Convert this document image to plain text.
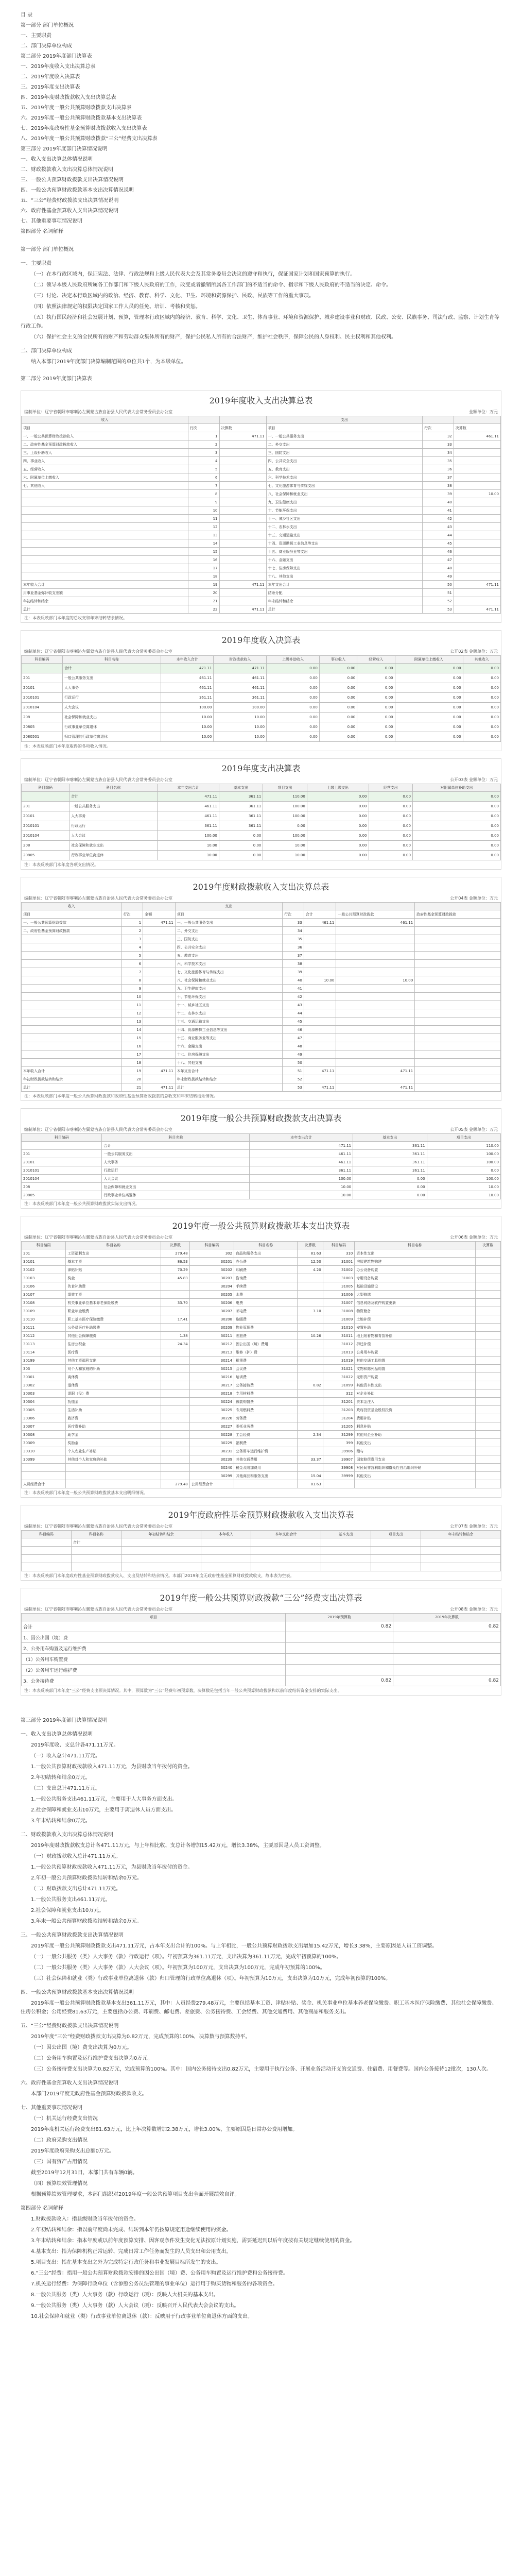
目 录
第一部分 部门单位概况
一、主要职责
二、部门决算单位构成
第二部分 2019年度部门决算表
一、2019年度收入支出决算总表
二、2019年度收入决算表
三、2019年度支出决算表
四、2019年度财政拨款收入支出决算总表
五、2019年度一般公共预算财政拨款支出决算表
六、2019年度一般公共预算财政拨款基本支出决算表
七、2019年度政府性基金预算财政拨款收入支出决算表
八、2019年度一般公共预算财政拨款“三公”经费支出决算表
第三部分 2019年度部门决算情况说明
一、收入支出决算总体情况说明
二、财政拨款收入支出决算总体情况说明
三、一般公共预算财政拨款支出决算情况说明
四、一般公共预算财政拨款基本支出决算情况说明
五、“三公”经费财政拨款支出决算情况说明
六、政府性基金预算收入支出决算情况说明
七、其他重要事项情况说明
第四部分 名词解释
第一部分 部门单位概况
一、主要职责

（一）在本行政区域内，保证宪法、法律、行政法规和上级人民代表大会及其常务委员会决议的遵守和执行，保证国家计划和国家预算的执行。

（二）领导本级人民政府所属各工作部门和下级人民政府的工作，改变或者撤销所属各工作部门的不适当的命令、指示和下级人民政府的不适当的决定、命令。

（三）讨论、决定本行政区域内的政治、经济、教育、科学、文化、卫生、环境和资源保护、民政、民族等工作的重大事项。

（四）依照法律规定的权限决定国家工作人员的任免、培训、考核和奖惩。

（五）执行国民经济和社会发展计划、预算，管理本行政区域内的经济、教育、科学、文化、卫生、体育事业、环境和资源保护、城乡建设事业和财政、民政、公安、民族事务、司法行政、监察、计划生育等行政工作。

（六）保护社会主义的全民所有的财产和劳动群众集体所有的财产，保护公民私人所有的合法财产，维护社会秩序，保障公民的人身权利、民主权利和其他权利。

二、部门决算单位构成

纳入本部门2019年度部门决算编制范围的单位共1个，为本级单位。

第二部分 2019年度部门决算表
2019年度收入支出决算总表
编制单位：辽宁省朝阳市喀喇沁左翼蒙古族自治县人民代表大会常务委员会办公室	金额单位：万元
收入			支出		
项目	行次	决算数	项目	行次	决算数
一、一般公共预算财政拨款收入	1	471.11	一、一般公共服务支出	32	461.11
二、政府性基金预算财政拨款收入	2		二、外交支出	33	
三、上级补助收入	3		三、国防支出	34	
四、事业收入	4		四、公共安全支出	35	
五、经营收入	5		五、教育支出	36	
六、附属单位上缴收入	6		六、科学技术支出	37	
七、其他收入	7		七、文化旅游体育与传媒支出	38	
	8		八、社会保障和就业支出	39	10.00
	9		九、卫生健康支出	40	
	10		十、节能环保支出	41	
	11		十一、城乡社区支出	42	
	12		十二、农林水支出	43	
	13		十三、交通运输支出	44	
	14		十四、资源勘探工业信息等支出	45	
	15		十五、商业服务业等支出	46	
	16		十六、金融支出	47	
	17		十七、住房保障支出	48	
	18		十八、其他支出	49	
本年收入合计	19	471.11	本年支出合计	50	471.11
用事业基金弥补收支差额	20		结余分配	51	
年初结转和结余	21		年末结转和结余	52	
总计	22	471.11	总计	53	471.11
注：本表反映部门本年度的总收支和年末结转结余情况。
2019年度收入决算表
编制单位：辽宁省朝阳市喀喇沁左翼蒙古族自治县人民代表大会常务委员会办公室	公开02表 金额单位：万元
科目编码	科目名称	本年收入合计	财政拨款收入	上级补助收入	事业收入	经营收入	附属单位上缴收入	其他收入
	合计	471.11	471.11	0.00	0.00	0.00	0.00	0.00
201	一般公共服务支出	461.11	461.11	0.00	0.00	0.00	0.00	0.00
20101	人大事务	461.11	461.11	0.00	0.00	0.00	0.00	0.00
2010101	行政运行	361.11	361.11	0.00	0.00	0.00	0.00	0.00
2010104	人大会议	100.00	100.00	0.00	0.00	0.00	0.00	0.00
208	社会保障和就业支出	10.00	10.00	0.00	0.00	0.00	0.00	0.00
20805	行政事业单位离退休	10.00	10.00	0.00	0.00	0.00	0.00	0.00
2080501	归口管理的行政单位离退休	10.00	10.00	0.00	0.00	0.00	0.00	0.00
注：本表反映部门本年度取得的各项收入情况。
2019年度支出决算表
编制单位：辽宁省朝阳市喀喇沁左翼蒙古族自治县人民代表大会常务委员会办公室	公开03表 金额单位：万元
科目编码	科目名称	本年支出合计	基本支出	项目支出	上缴上级支出	经营支出	对附属单位补助支出
	合计	471.11	361.11	110.00	0.00	0.00	0.00
201	一般公共服务支出	461.11	361.11	100.00	0.00	0.00	0.00
20101	人大事务	461.11	361.11	100.00	0.00	0.00	0.00
2010101	行政运行	361.11	361.11	0.00	0.00	0.00	0.00
2010104	人大会议	100.00	0.00	100.00	0.00	0.00	0.00
208	社会保障和就业支出	10.00	0.00	10.00	0.00	0.00	0.00
20805	行政事业单位离退休	10.00	0.00	10.00	0.00	0.00	0.00
注：本表反映部门本年度各项支出情况。
2019年度财政拨款收入支出决算总表
编制单位：辽宁省朝阳市喀喇沁左翼蒙古族自治县人民代表大会常务委员会办公室	公开04表 金额单位：万元
收入			支出				
项目	行次	金额	项目	行次	合计	一般公共预算财政拨款	政府性基金预算财政拨款
一、一般公共预算财政拨款	1	471.11	一、一般公共服务支出	33	461.11	461.11	
二、政府性基金预算财政拨款	2		二、外交支出	34			
	3		三、国防支出	35			
	4		四、公共安全支出	36			
	5		五、教育支出	37			
	6		六、科学技术支出	38			
	7		七、文化旅游体育与传媒支出	39			
	8		八、社会保障和就业支出	40	10.00	10.00	
	9		九、卫生健康支出	41			
	10		十、节能环保支出	42			
	11		十一、城乡社区支出	43			
	12		十二、农林水支出	44			
	13		十三、交通运输支出	45			
	14		十四、资源勘探工业信息等支出	46			
	15		十五、商业服务业等支出	47			
	16		十六、金融支出	48			
	17		十七、住房保障支出	49			
	18		十八、其他支出	50			
本年收入合计	19	471.11	本年支出合计	51	471.11	471.11	
年初财政拨款结转和结余	20		年末财政拨款结转和结余	52			
总计	21	471.11	总计	53	471.11	471.11	
注：本表反映部门本年度一般公共预算财政拨款和政府性基金预算财政拨款的总收支和年末结转结余情况。
2019年度一般公共预算财政拨款支出决算表
编制单位：辽宁省朝阳市喀喇沁左翼蒙古族自治县人民代表大会常务委员会办公室	公开05表 金额单位：万元
科目编码	科目名称	本年支出合计	基本支出	项目支出
	合计	471.11	361.11	110.00
201	一般公共服务支出	461.11	361.11	100.00
20101	人大事务	461.11	361.11	100.00
2010101	行政运行	361.11	361.11	0.00
2010104	人大会议	100.00	0.00	100.00
208	社会保障和就业支出	10.00	0.00	10.00
20805	行政事业单位离退休	10.00	0.00	10.00
注：本表反映部门本年度一般公共预算财政拨款实际支出情况。
2019年度一般公共预算财政拨款基本支出决算表
编制单位：辽宁省朝阳市喀喇沁左翼蒙古族自治县人民代表大会常务委员会办公室	公开06表 金额单位：万元
科目编码	科目名称	决算数	科目编码	科目名称	决算数	科目编码	科目名称	决算数
301	工资福利支出	279.48	302	商品和服务支出	81.63	310	资本性支出	
30101	基本工资	86.53	30201	办公费	12.50	31001	房屋建筑物购建	
30102	津贴补贴	70.29	30202	印刷费	4.20	31002	办公设备购置	
30103	奖金	45.83	30203	咨询费		31003	专用设备购置	
30106	伙食补助费		30204	手续费		31005	基础设施建设	
30107	绩效工资		30205	水费		31006	大型修缮	
30108	机关事业单位基本养老保险缴费	33.70	30206	电费		31007	信息网络及软件购置更新	
30109	职业年金缴费		30207	邮电费	3.10	31008	物资储备	
30110	职工基本医疗保险缴费	17.41	30208	取暖费		31009	土地补偿	
30111	公务员医疗补助缴费		30209	物业管理费		31010	安置补助	
30112	其他社会保障缴费	1.38	30211	差旅费	10.26	31011	地上附着物和青苗补偿	
30113	住房公积金	24.34	30212	因公出国（境）费用		31012	拆迁补偿	
30114	医疗费		30213	维修（护）费		31013	公务用车购置	
30199	其他工资福利支出		30214	租赁费		31019	其他交通工具购置	
303	对个人和家庭的补助		30215	会议费		31021	文物和陈列品购置	
30301	离休费		30216	培训费		31022	无形资产购置	
30302	退休费		30217	公务接待费	0.82	31099	其他资本性支出	
30303	退职（役）费		30218	专用材料费		312	对企业补助	
30304	抚恤金		30224	被装购置费		31201	资本金注入	
30305	生活补助		30225	专用燃料费		31203	政府投资基金股权投资	
30306	救济费		30226	劳务费		31204	费用补贴	
30307	医疗费补助		30227	委托业务费		31205	利息补贴	
30308	助学金		30228	工会经费	2.34	31299	其他对企业补助	
30309	奖励金		30229	福利费		399	其他支出	
30310	个人农业生产补贴		30231	公务用车运行维护费		39906	赠与	
30399	其他对个人和家庭的补助		30239	其他交通费用	33.37	39907	国家赔偿费用支出	
			30240	税金及附加费用		39908	对民间非营利组织和群众性自治组织补贴	
			30299	其他商品和服务支出	15.04	39999	其他支出	
人员经费合计		279.48	公用经费合计		81.63			
注：本表反映部门本年度一般公共预算财政拨款基本支出明细情况。
2019年度政府性基金预算财政拨款收入支出决算表
编制单位：辽宁省朝阳市喀喇沁左翼蒙古族自治县人民代表大会常务委员会办公室	公开07表 金额单位：万元
科目编码	科目名称	年初结转和结余	本年收入	本年支出合计	基本支出	项目支出	年末结转和结余
	合计						

注：本表反映部门本年度政府性基金预算财政拨款收入、支出及结转和结余情况。本部门2019年度无政府性基金预算财政拨款收支，故本表为空表。
2019年度一般公共预算财政拨款“三公”经费支出决算表
编制单位：辽宁省朝阳市喀喇沁左翼蒙古族自治县人民代表大会常务委员会办公室	公开08表 金额单位：万元
项目	2019年预算数	2019年决算数
合计	0.82	0.82
1、因公出国（境）费		
2、公务用车购置及运行维护费		
（1）公务用车购置费		
（2）公务用车运行维护费		
3、公务接待费	0.82	0.82
注：本表反映部门本年度“三公”经费支出预决算情况。其中，预算数为“三公”经费年初预算数，决算数是包括当年一般公共预算财政拨款和以前年度结转资金安排的实际支出。
第三部分 2019年度部门决算情况说明
一、收入支出决算总体情况说明

2019年度收、支总计各471.11万元。

（一）收入总计471.11万元。

1.一般公共预算财政拨款收入471.11万元，为县财政当年拨付的资金。

2.年初结转和结余0万元。

（二）支出总计471.11万元。

1.一般公共服务支出461.11万元，主要用于人大事务方面支出。

2.社会保障和就业支出10万元，主要用于离退休人员方面支出。

3.年末结转和结余0万元。

二、财政拨款收入支出决算总体情况说明

2019年度财政拨款收支总计各471.11万元，与上年相比收、支总计各增加15.42万元，增长3.38%，主要原因是人员工资调整。

（一）财政拨款收入总计471.11万元。

1.一般公共预算财政拨款收入471.11万元，为县财政当年拨付的资金。

2.年初一般公共预算财政拨款结转和结余0万元。

（二）财政拨款支出总计471.11万元。

1.一般公共服务支出461.11万元。

2.社会保障和就业支出10万元。

3.年末一般公共预算财政拨款结转和结余0万元。

三、一般公共预算财政拨款支出决算情况说明

2019年度一般公共预算财政拨款支出471.11万元，占本年支出合计的100%。与上年相比，一般公共预算财政拨款支出增加15.42万元，增长3.38%，主要原因是人员工资调整。

（一）一般公共服务（类）人大事务（款）行政运行（项）。年初预算为361.11万元，支出决算为361.11万元，完成年初预算的100%。

（二）一般公共服务（类）人大事务（款）人大会议（项）。年初预算为100万元，支出决算为100万元，完成年初预算的100%。

（三）社会保障和就业（类）行政事业单位离退休（款）归口管理的行政单位离退休（项）。年初预算为10万元，支出决算为10万元，完成年初预算的100%。

四、一般公共预算财政拨款基本支出决算情况说明

2019年度一般公共预算财政拨款基本支出361.11万元，其中：人员经费279.48万元，主要包括基本工资、津贴补贴、奖金、机关事业单位基本养老保险缴费、职工基本医疗保险缴费、其他社会保障缴费、住房公积金；公用经费81.63万元，主要包括办公费、印刷费、邮电费、差旅费、公务接待费、工会经费、其他交通费用、其他商品和服务支出。

五、“三公”经费财政拨款支出决算情况说明

2019年度“三公”经费财政拨款支出决算为0.82万元，完成预算的100%，决算数与预算数持平。

（一）因公出国（境）费支出决算为0万元。

（二）公务用车购置及运行维护费支出决算为0万元。

（三）公务接待费支出决算为0.82万元，完成预算的100%。其中：国内公务接待支出0.82万元，主要用于执行公务、开展业务活动开支的交通费、住宿费、用餐费等。国内公务接待12批次，130人次。

六、政府性基金预算收入支出决算情况说明

本部门2019年度无政府性基金预算财政拨款收支。

七、其他重要事项情况说明

（一）机关运行经费支出情况

2019年度机关运行经费支出81.63万元，比上年决算数增加2.38万元，增长3.00%，主要原因是日常办公费用增加。

（二）政府采购支出情况

2019年度政府采购支出总额0万元。

（三）国有资产占用情况

截至2019年12月31日，本部门共有车辆0辆。

（四）预算绩效管理情况

根据预算绩效管理要求，本部门组织对2019年度一般公共预算项目支出全面开展绩效自评。

第四部分 名词解释

1.财政拨款收入：指县级财政当年拨付的资金。

2.年初结转和结余：指以前年度尚未完成、结转到本年仍按原规定用途继续使用的资金。

3.年末结转和结余：指本年度或以前年度预算安排、因客观条件发生变化无法按原计划实施，需要延迟到以后年度按有关规定继续使用的资金。

4.基本支出：指为保障机构正常运转、完成日常工作任务而发生的人员支出和公用支出。

5.项目支出：指在基本支出之外为完成特定行政任务和事业发展目标所发生的支出。

6.“三公”经费：指用一般公共预算财政拨款安排的因公出国（境）费、公务用车购置及运行维护费和公务接待费。

7.机关运行经费：为保障行政单位（含参照公务员法管理的事业单位）运行用于购买货物和服务的各项资金。

8.一般公共服务（类）人大事务（款）行政运行（项）：反映人大机关的基本支出。

9.一般公共服务（类）人大事务（款）人大会议（项）：反映召开人民代表大会会议的支出。

10.社会保障和就业（类）行政事业单位离退休（款）：反映用于行政事业单位离退休方面的支出。
